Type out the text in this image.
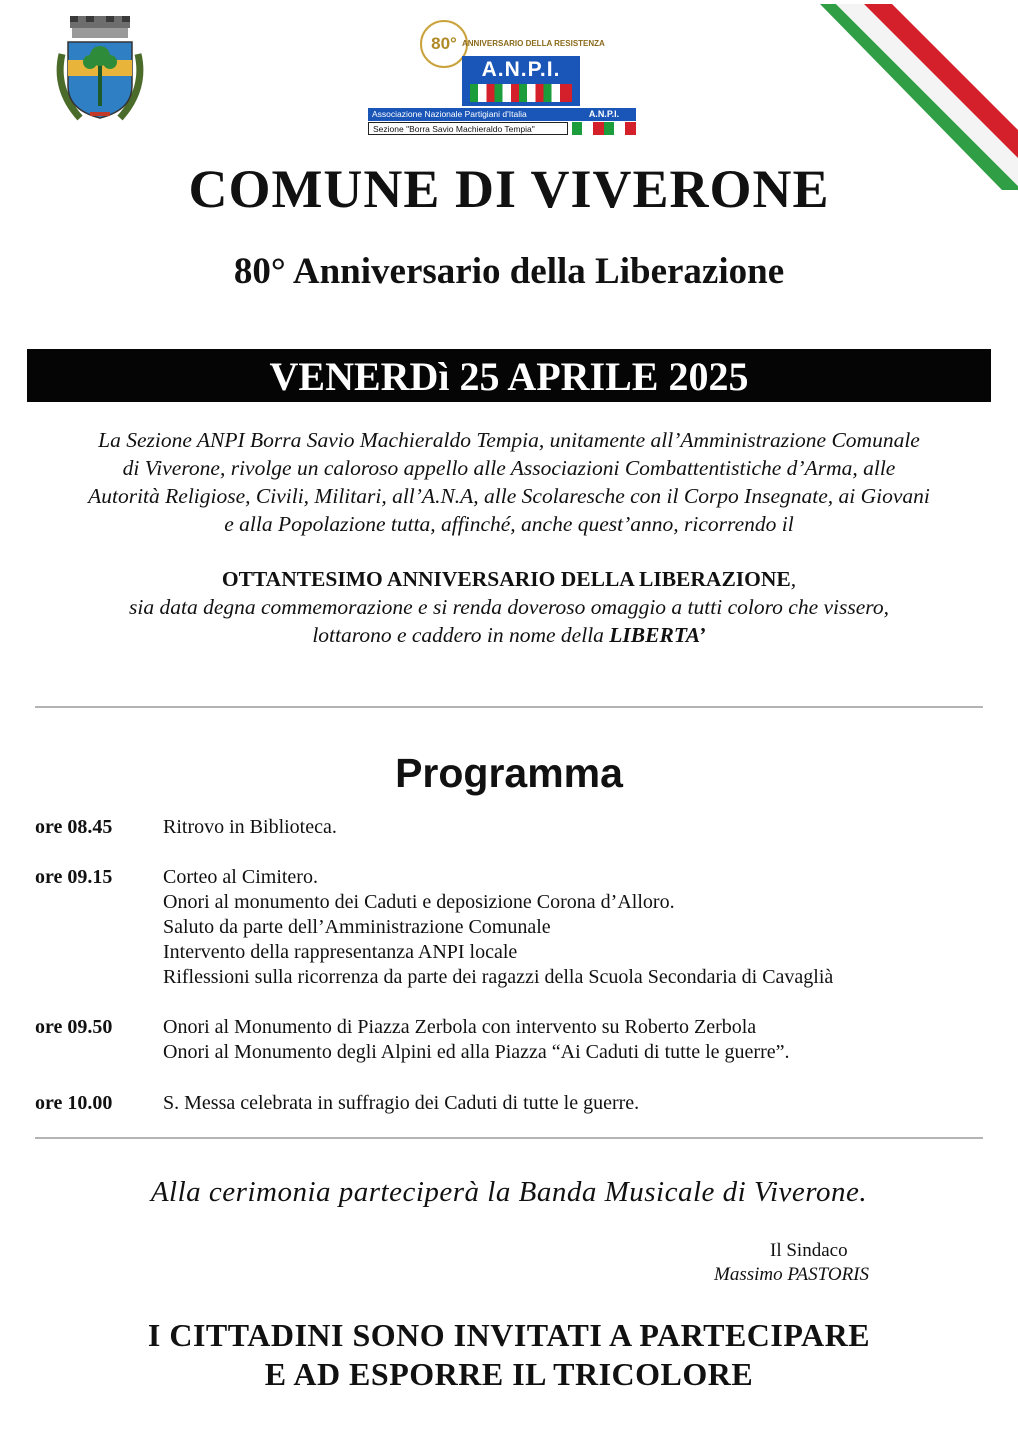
80° ANNIVERSARIO DELLA RESISTENZA
A.N.P.I.
Associazione Nazionale Partigiani d'Italia	A.N.P.I.
Sezione "Borra Savio Machieraldo Tempia"
COMUNE DI VIVERONE
80° Anniversario della Liberazione
VENERDì 25 APRILE 2025
La Sezione ANPI Borra Savio Machieraldo Tempia, unitamente all’Amministrazione Comunale
di Viverone, rivolge un caloroso appello alle Associazioni Combattentistiche d’Arma, alle
Autorità Religiose, Civili, Militari, all’A.N.A, alle Scolaresche con il Corpo Insegnate, ai Giovani
e alla Popolazione tutta, affinché, anche quest’anno, ricorrendo il
OTTANTESIMO ANNIVERSARIO DELLA LIBERAZIONE,
sia data degna commemorazione e si renda doveroso omaggio a tutti coloro che vissero,
lottarono e caddero in nome della LIBERTA’
Programma
ore 08.45	Ritrovo in Biblioteca.
ore 09.15	Corteo al Cimitero.
Onori al monumento dei Caduti e deposizione Corona d’Alloro.
Saluto da parte dell’Amministrazione Comunale
Intervento della rappresentanza ANPI locale
Riflessioni sulla ricorrenza da parte dei ragazzi della Scuola Secondaria di Cavaglià
ore 09.50	Onori al Monumento di Piazza Zerbola con intervento su Roberto Zerbola
Onori al Monumento degli Alpini ed alla Piazza “Ai Caduti di tutte le guerre”.
ore 10.00	S. Messa celebrata in suffragio dei Caduti di tutte le guerre.
Alla cerimonia parteciperà la Banda Musicale di Viverone.
Il Sindaco
Massimo PASTORIS
I CITTADINI SONO INVITATI A PARTECIPARE
E AD ESPORRE IL TRICOLORE
